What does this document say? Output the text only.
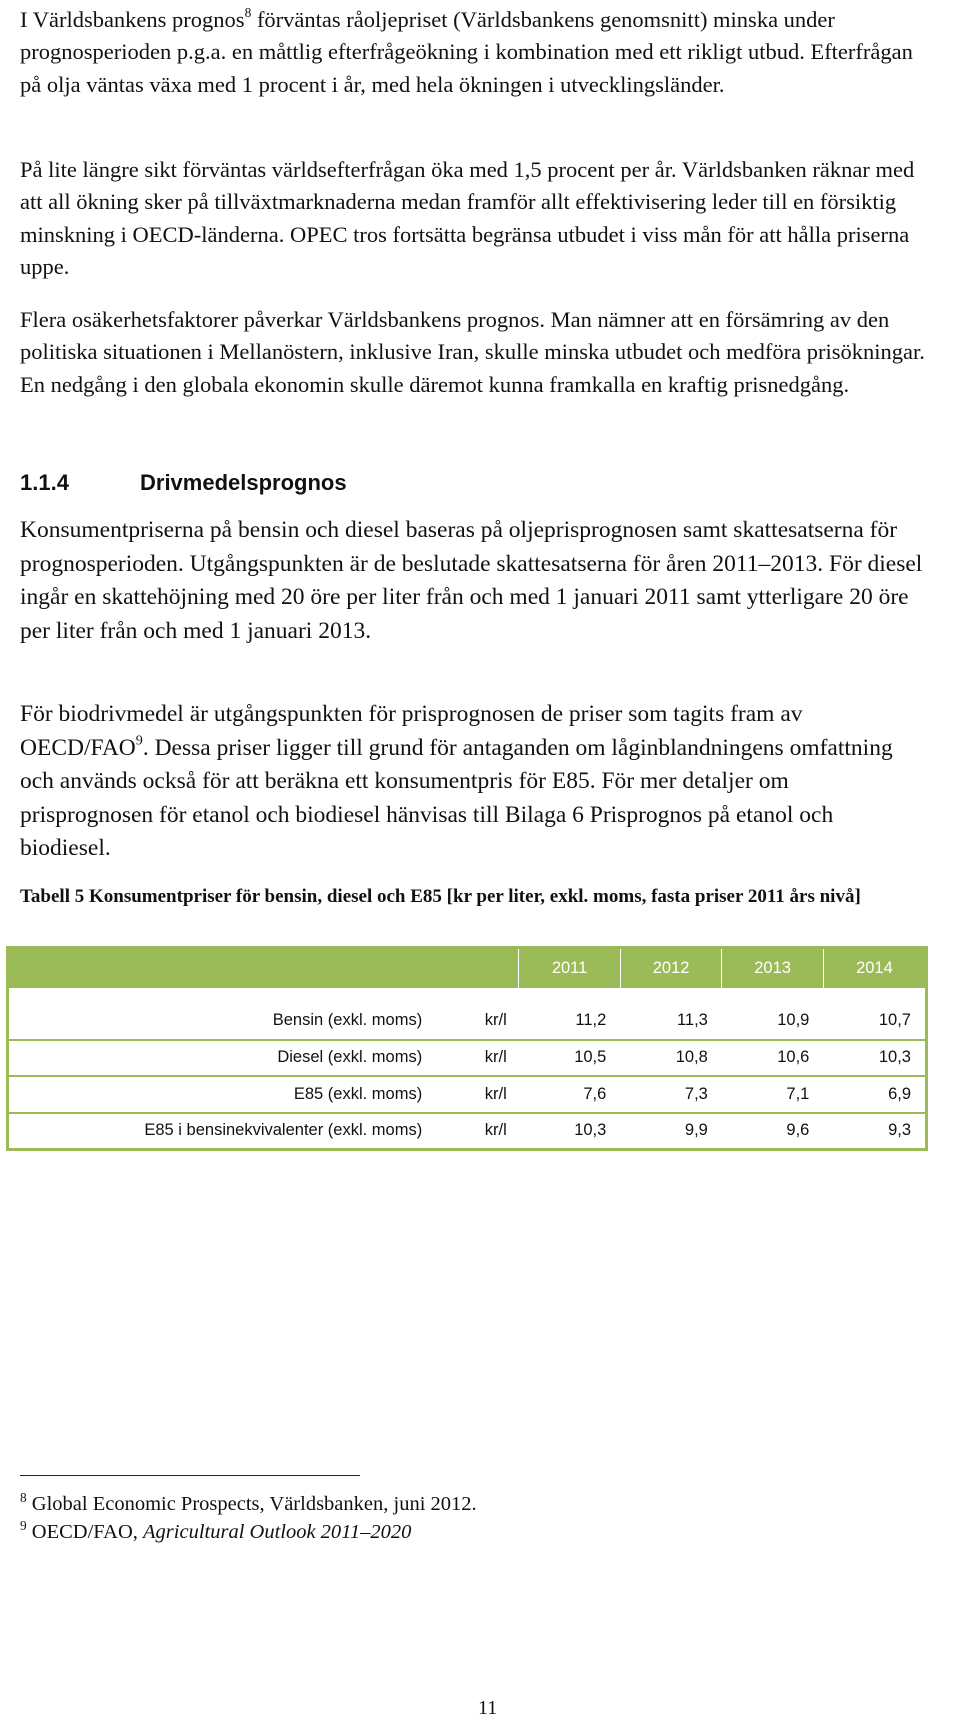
I Världsbankens prognos$^8$ förväntas råoljepriset (Världsbankens genomsnitt) minska under prognosperioden p.g.a. en måttlig efterfrågeökning i kombination med ett rikligt utbud. Efterfrågan på olja väntas växa med 1 procent i år, med hela ökningen i utvecklingsländer.

På lite längre sikt förväntas världsefterfrågan öka med 1,5 procent per år. Världsbanken räknar med att all ökning sker på tillväxtmarknaderna medan framför allt effektivisering leder till en försiktig minskning i OECD-länderna. OPEC tros fortsätta begränsa utbudet i viss mån för att hålla priserna uppe.

Flera osäkerhetsfaktorer påverkar Världsbankens prognos. Man nämner att en försämring av den politiska situationen i Mellanöstern, inklusive Iran, skulle minska utbudet och medföra prisökningar. En nedgång i den globala ekonomin skulle däremot kunna framkalla en kraftig prisnedgång.

1.1.4	Drivmedelsprognos

Konsumentpriserna på bensin och diesel baseras på oljeprisprognosen samt skattesatserna för prognosperioden. Utgångspunkten är de beslutade skattesatserna för åren 2011–2013. För diesel ingår en skattehöjning med 20 öre per liter från och med 1 januari 2011 samt ytterligare 20 öre per liter från och med 1 januari 2013.

För biodrivmedel är utgångspunkten för prisprognosen de priser som tagits fram av OECD/FAO$^9$. Dessa priser ligger till grund för antaganden om låginblandningens omfattning och används också för att beräkna ett konsumentpris för E85. För mer detaljer om prisprognosen för etanol och biodiesel hänvisas till Bilaga 6 Prisprognos på etanol och biodiesel.

Tabell 5 Konsumentpriser för bensin, diesel och E85 [kr per liter, exkl. moms, fasta priser 2011 års nivå]
		2011	2012	2013	2014
Bensin (exkl. moms)	kr/l	11,2	11,3	10,9	10,7
Diesel (exkl. moms)	kr/l	10,5	10,8	10,6	10,3
E85 (exkl. moms)	kr/l	7,6	7,3	7,1	6,9
E85 i bensinekvivalenter (exkl. moms)	kr/l	10,3	9,9	9,6	9,3
$^8$ Global Economic Prospects, Världsbanken, juni 2012.
$^9$ OECD/FAO, Agricultural Outlook 2011–2020
11
